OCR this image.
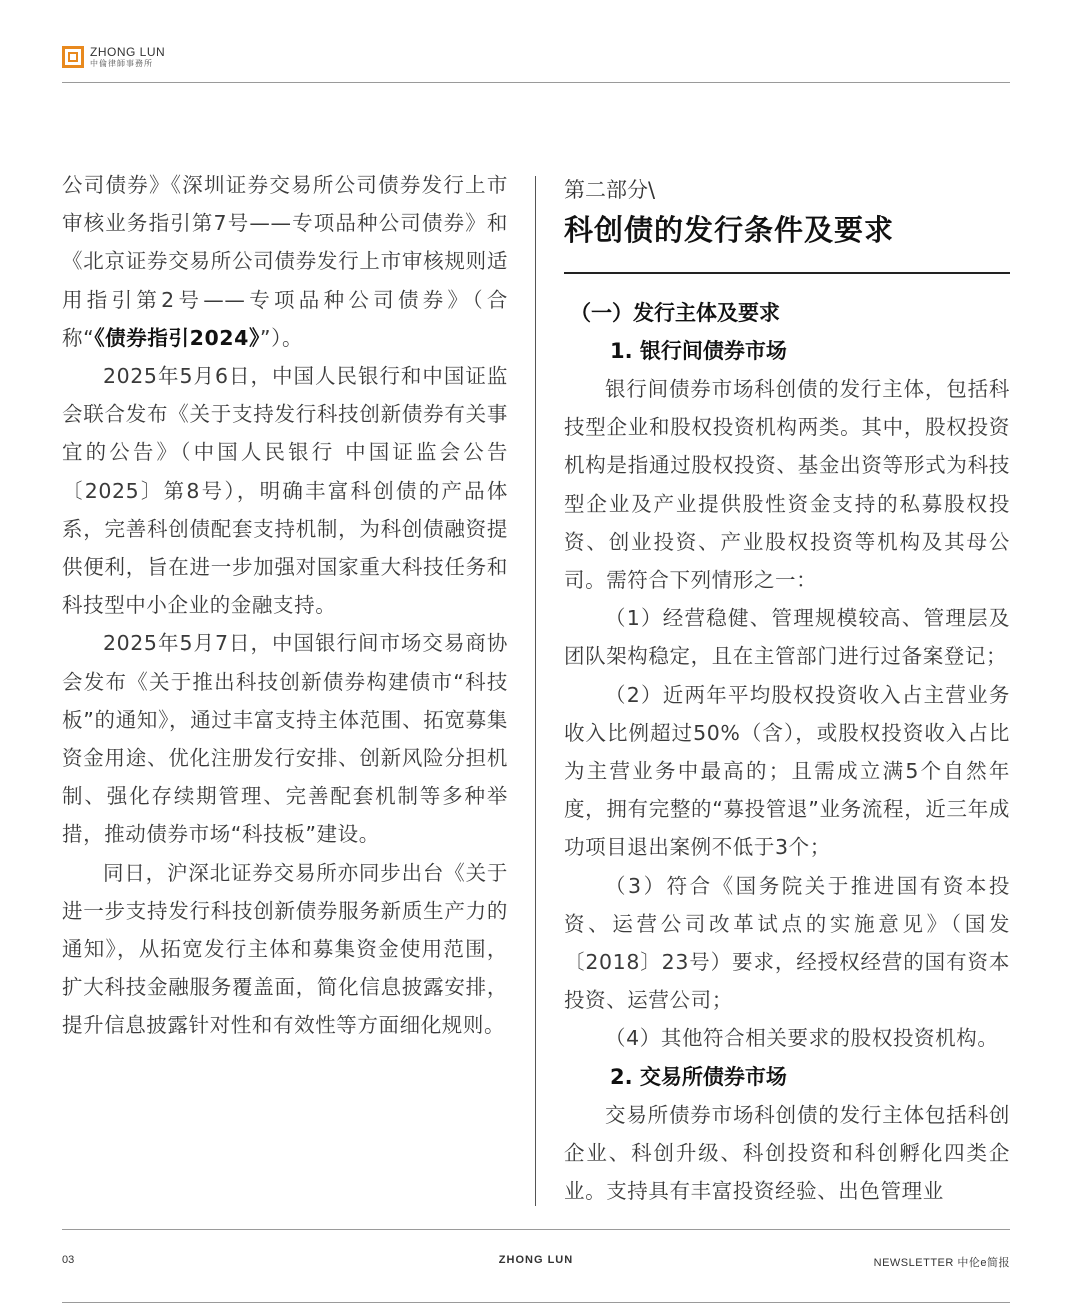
ZHONG LUN
中倫律師事務所

公司债券》《深圳证券交易所公司债券发行上市审核业务指引第7号——专项品种公司债券》和《北京证券交易所公司债券发行上市审核规则适用指引第2号——专项品种公司债券》（合称“《债券指引2024》”）。

2025年5月6日，中国人民银行和中国证监会联合发布《关于支持发行科技创新债券有关事宜的公告》（中国人民银行 中国证监会公告〔2025〕第8号），明确丰富科创债的产品体系，完善科创债配套支持机制，为科创债融资提供便利，旨在进一步加强对国家重大科技任务和科技型中小企业的金融支持。

2025年5月7日，中国银行间市场交易商协会发布《关于推出科技创新债券构建债市“科技板”的通知》，通过丰富支持主体范围、拓宽募集资金用途、优化注册发行安排、创新风险分担机制、强化存续期管理、完善配套机制等多种举措，推动债券市场“科技板”建设。

同日，沪深北证券交易所亦同步出台《关于进一步支持发行科技创新债券服务新质生产力的通知》，从拓宽发行主体和募集资金使用范围，扩大科技金融服务覆盖面，简化信息披露安排，提升信息披露针对性和有效性等方面细化规则。

第二部分\
科创债的发行条件及要求
（一）发行主体及要求
1. 银行间债券市场

银行间债券市场科创债的发行主体，包括科技型企业和股权投资机构两类。其中，股权投资机构是指通过股权投资、基金出资等形式为科技型企业及产业提供股性资金支持的私募股权投资、创业投资、产业股权投资等机构及其母公司。需符合下列情形之一：

（1）经营稳健、管理规模较高、管理层及团队架构稳定，且在主管部门进行过备案登记；

（2）近两年平均股权投资收入占主营业务收入比例超过50%（含），或股权投资收入占比为主营业务中最高的；且需成立满5个自然年度，拥有完整的“募投管退”业务流程，近三年成功项目退出案例不低于3个；

（3）符合《国务院关于推进国有资本投资、运营公司改革试点的实施意见》（国发〔2018〕23号）要求，经授权经营的国有资本投资、运营公司；

（4）其他符合相关要求的股权投资机构。

2. 交易所债券市场

交易所债券市场科创债的发行主体包括科创企业、科创升级、科创投资和科创孵化四类企业。支持具有丰富投资经验、出色管理业

03	ZHONG LUN	NEWSLETTER 中伦e简报
